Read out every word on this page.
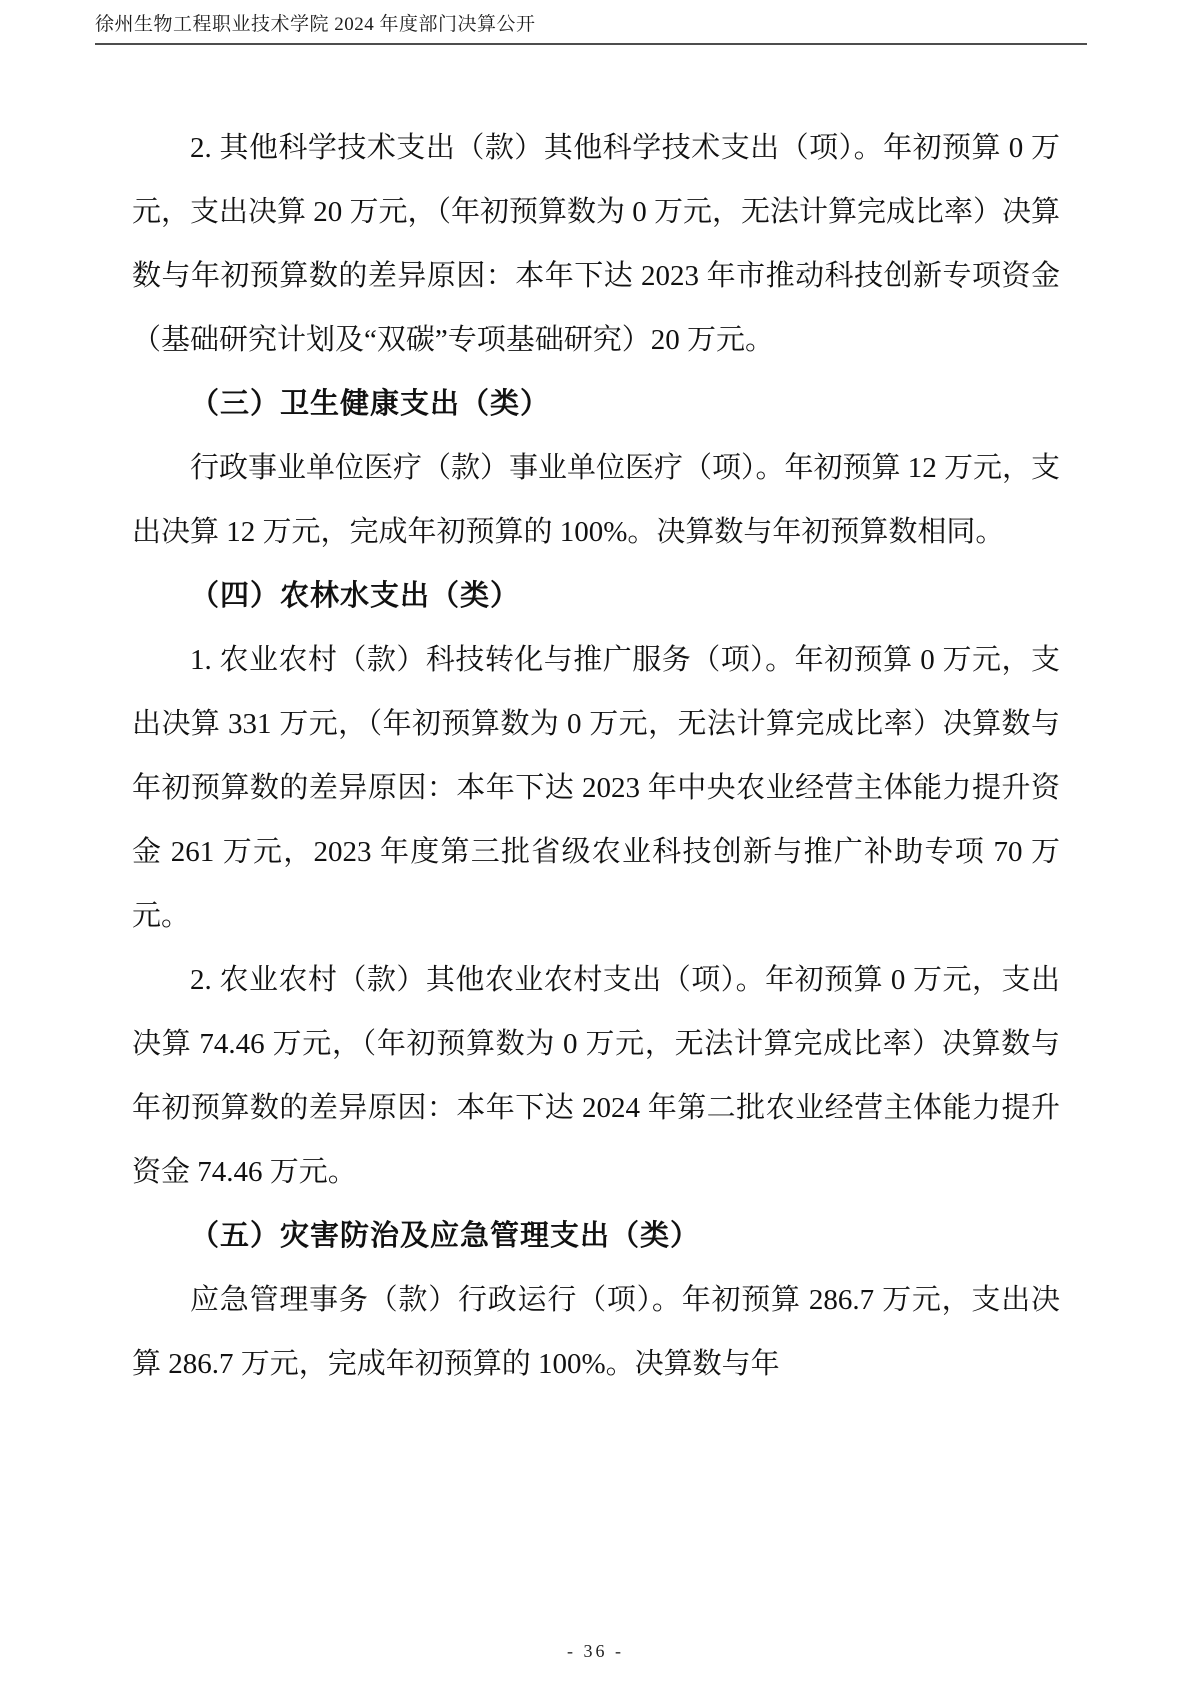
徐州生物工程职业技术学院 2024 年度部门决算公开

2. 其他科学技术支出（款）其他科学技术支出（项）。年初预算 0 万元，支出决算 20 万元，（年初预算数为 0 万元，无法计算完成比率）决算数与年初预算数的差异原因：本年下达 2023 年市推动科技创新专项资金（基础研究计划及“双碳”专项基础研究）20 万元。

（三）卫生健康支出（类）

行政事业单位医疗（款）事业单位医疗（项）。年初预算 12 万元，支出决算 12 万元，完成年初预算的 100%。决算数与年初预算数相同。

（四）农林水支出（类）

1. 农业农村（款）科技转化与推广服务（项）。年初预算 0 万元，支出决算 331 万元，（年初预算数为 0 万元，无法计算完成比率）决算数与年初预算数的差异原因：本年下达 2023 年中央农业经营主体能力提升资金 261 万元，2023 年度第三批省级农业科技创新与推广补助专项 70 万元。

2. 农业农村（款）其他农业农村支出（项）。年初预算 0 万元，支出决算 74.46 万元，（年初预算数为 0 万元，无法计算完成比率）决算数与年初预算数的差异原因：本年下达 2024 年第二批农业经营主体能力提升资金 74.46 万元。

（五）灾害防治及应急管理支出（类）

应急管理事务（款）行政运行（项）。年初预算 286.7 万元，支出决算 286.7 万元，完成年初预算的 100%。决算数与年

- 36 -
